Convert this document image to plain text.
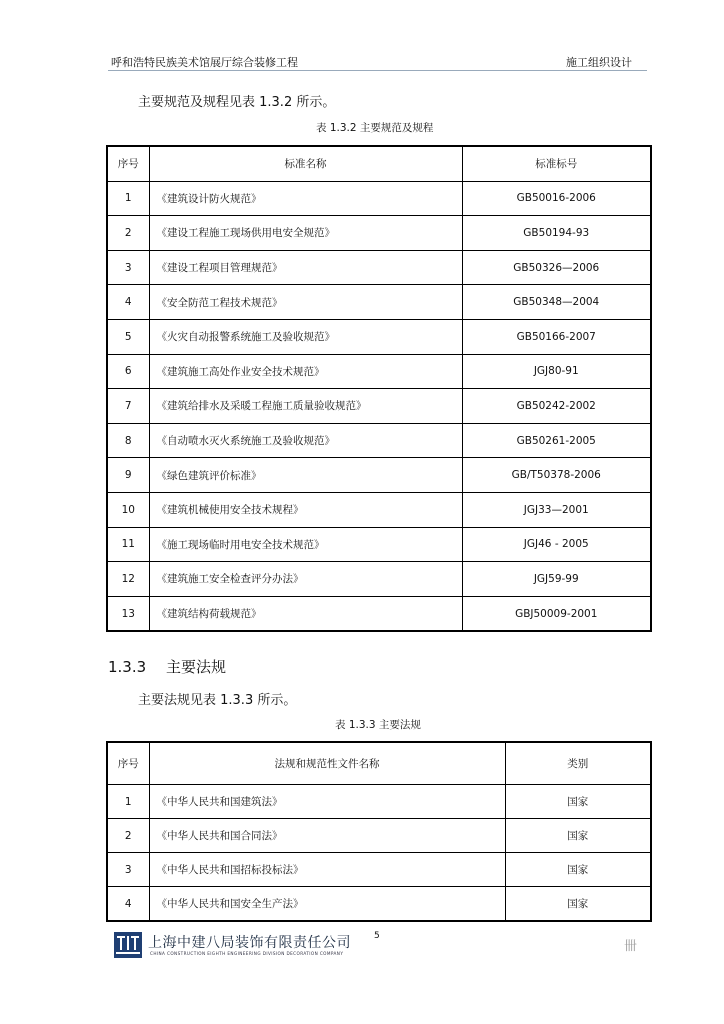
呼和浩特民族美术馆展厅综合装修工程	施工组织设计
主要规范及规程见表 1.3.2 所示。
表 1.3.2 主要规范及规程
序号	标准名称	标准标号
1	《建筑设计防火规范》	GB50016-2006
2	《建设工程施工现场供用电安全规范》	GB50194-93
3	《建设工程项目管理规范》	GB50326—2006
4	《安全防范工程技术规范》	GB50348—2004
5	《火灾自动报警系统施工及验收规范》	GB50166-2007
6	《建筑施工高处作业安全技术规范》	JGJ80-91
7	《建筑给排水及采暖工程施工质量验收规范》	GB50242-2002
8	《自动喷水灭火系统施工及验收规范》	GB50261-2005
9	《绿色建筑评价标准》	GB/T50378-2006
10	《建筑机械使用安全技术规程》	JGJ33—2001
11	《施工现场临时用电安全技术规范》	JGJ46 - 2005
12	《建筑施工安全检查评分办法》	JGJ59-99
13	《建筑结构荷载规范》	GBJ50009-2001
1.3.3 主要法规
主要法规见表 1.3.3 所示。
表 1.3.3 主要法规
序号	法规和规范性文件名称	类别
1	《中华人民共和国建筑法》	国家
2	《中华人民共和国合同法》	国家
3	《中华人民共和国招标投标法》	国家
4	《中华人民共和国安全生产法》	国家
上海中建八局装饰有限责任公司
CHINA CONSTRUCTION EIGHTH ENGINEERING DIVISION DECORATION COMPANY
5
卌
